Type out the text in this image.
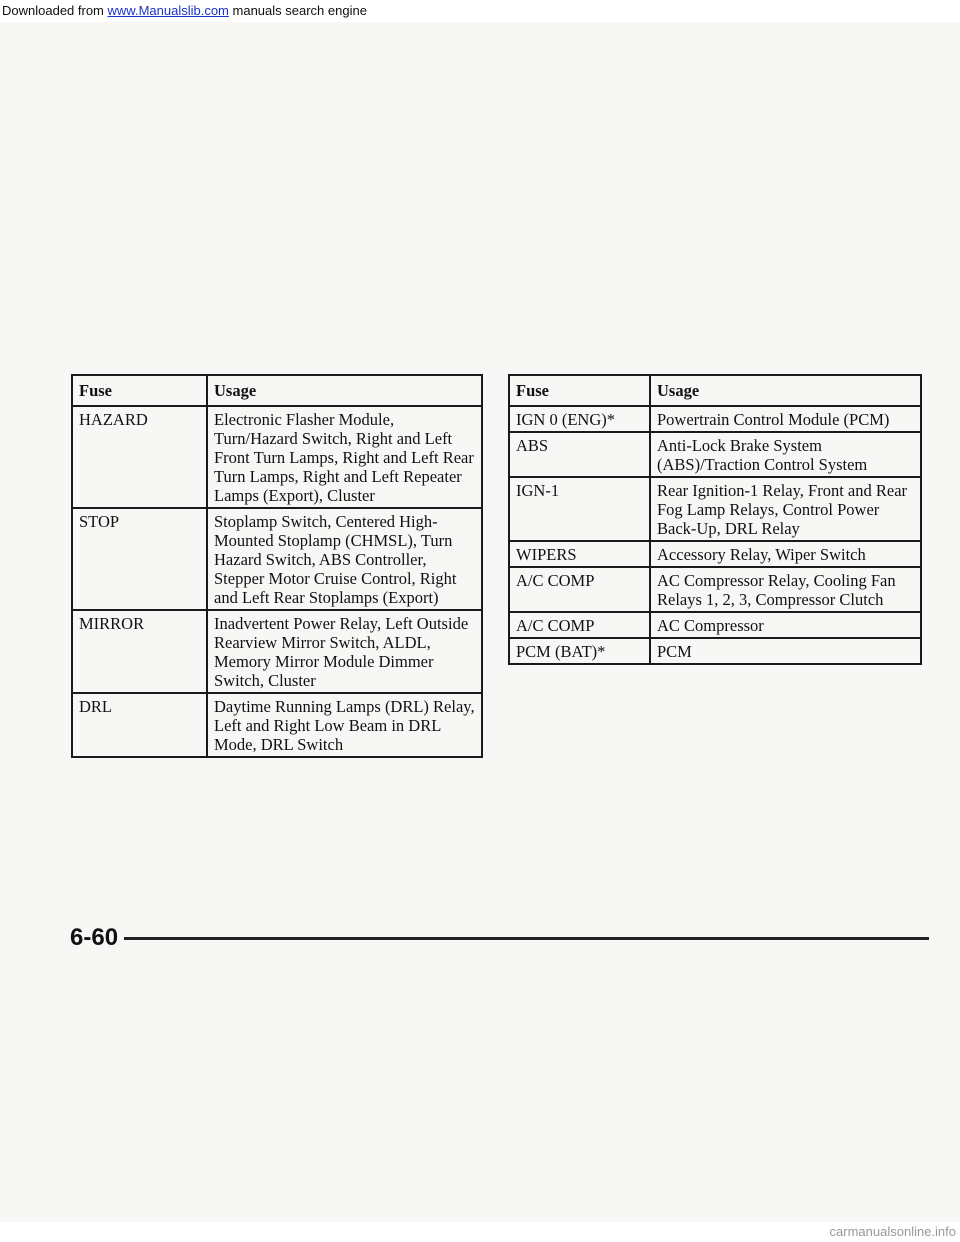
Downloaded from www.Manualslib.com manuals search engine
Fuse	Usage
HAZARD	Electronic Flasher Module, Turn/Hazard Switch, Right and Left Front Turn Lamps, Right and Left Rear Turn Lamps, Right and Left Repeater Lamps (Export), Cluster
STOP	Stoplamp Switch, Centered High-Mounted Stoplamp (CHMSL), Turn Hazard Switch, ABS Controller, Stepper Motor Cruise Control, Right and Left Rear Stoplamps (Export)
MIRROR	Inadvertent Power Relay, Left Outside Rearview Mirror Switch, ALDL, Memory Mirror Module Dimmer Switch, Cluster
DRL	Daytime Running Lamps (DRL) Relay, Left and Right Low Beam in DRL Mode, DRL Switch
Fuse	Usage
IGN 0 (ENG)*	Powertrain Control Module (PCM)
ABS	Anti-Lock Brake System (ABS)/Traction Control System
IGN-1	Rear Ignition-1 Relay, Front and Rear Fog Lamp Relays, Control Power Back-Up, DRL Relay
WIPERS	Accessory Relay, Wiper Switch
A/C COMP	AC Compressor Relay, Cooling Fan Relays 1, 2, 3, Compressor Clutch
A/C COMP	AC Compressor
PCM (BAT)*	PCM
6-60
carmanualsonline.info
